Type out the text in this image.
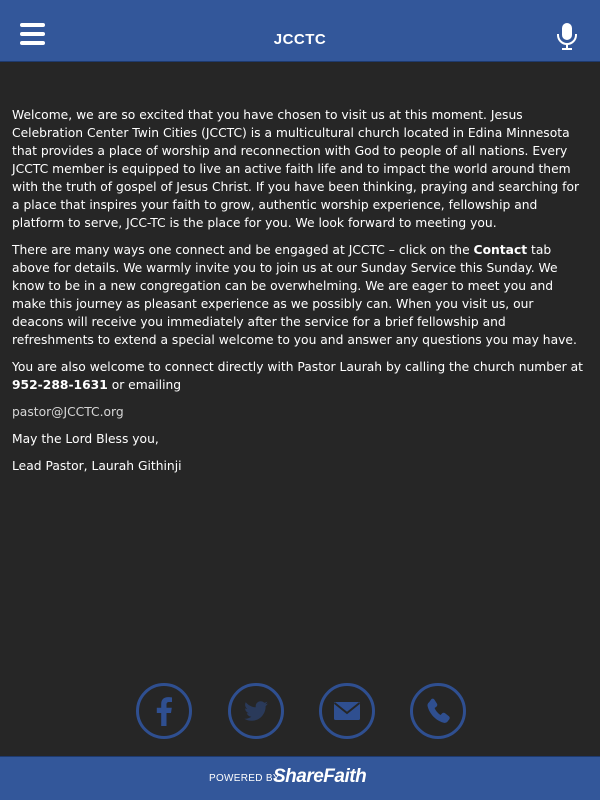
JCCTC

Welcome, we are so excited that you have chosen to visit us at this moment. Jesus Celebration Center Twin Cities (JCCTC) is a multicultural church located in Edina Minnesota that provides a place of worship and reconnection with God to people of all nations. Every JCCTC member is equipped to live an active faith life and to impact the world around them with the truth of gospel of Jesus Christ. If you have been thinking, praying and searching for a place that inspires your faith to grow, authentic worship experience, fellowship and platform to serve, JCC-TC is the place for you. We look forward to meeting you.

There are many ways one connect and be engaged at JCCTC – click on the Contact tab above for details. We warmly invite you to join us at our Sunday Service this Sunday. We know to be in a new congregation can be overwhelming. We are eager to meet you and make this journey as pleasant experience as we possibly can. When you visit us, our deacons will receive you immediately after the service for a brief fellowship and refreshments to extend a special welcome to you and answer any questions you may have.

You are also welcome to connect directly with Pastor Laurah by calling the church number at 952-288-1631 or emailing

pastor@JCCTC.org

May the Lord Bless you,

Lead Pastor, Laurah Githinji

POWERED BY
ShareFaith
